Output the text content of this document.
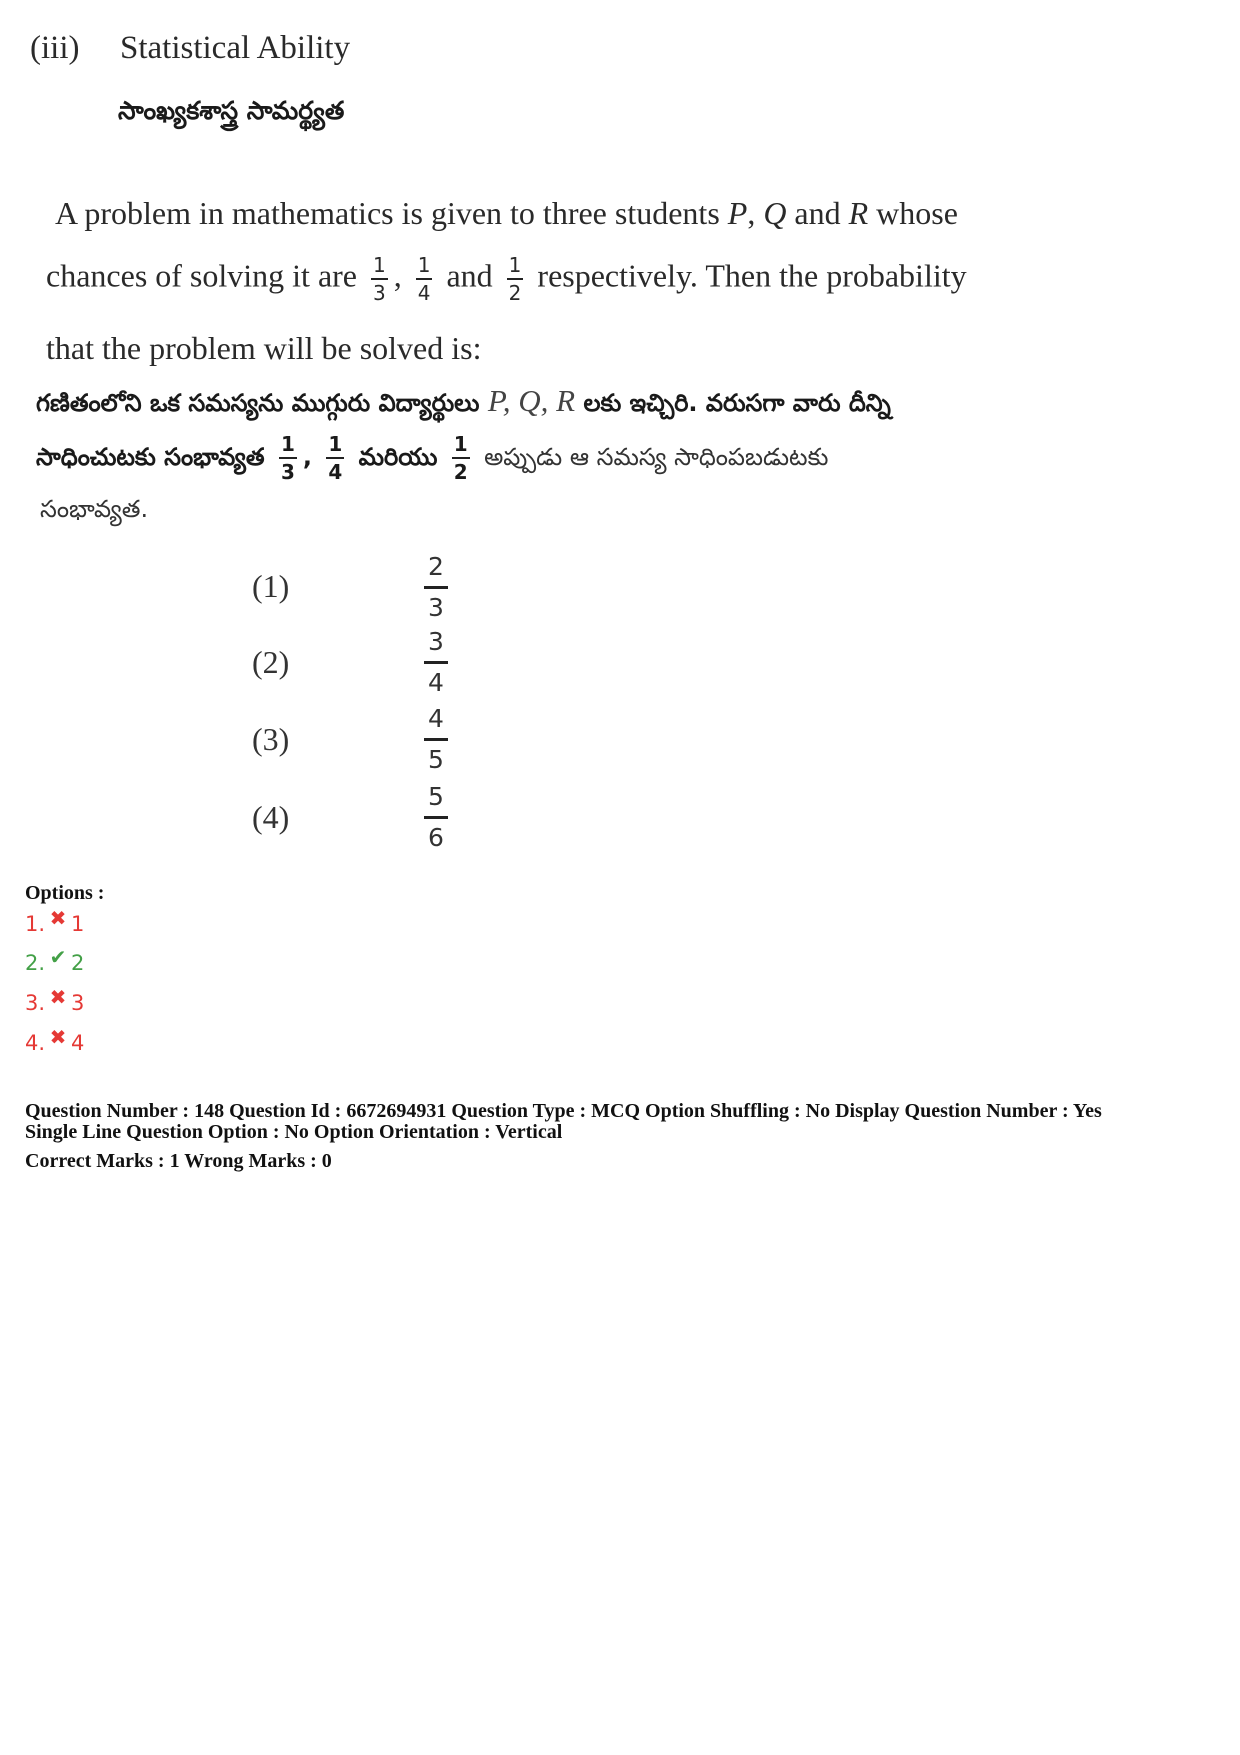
(iii) Statistical Ability
సాంఖ్యకశాస్త్ర సామర్థ్యత
A problem in mathematics is given to three students P, Q and R whose
chances of solving it are $\frac{1}{3}$ , $\frac{1}{4}$ and $\frac{1}{2}$ respectively. Then the probability
that the problem will be solved is:
గణితంలోని ఒక సమస్యను ముగ్గురు విద్యార్థులు P, Q, R లకు ఇచ్చిరి. వరుసగా వారు దీన్ని
సాధించుటకు సంభావ్యత $\frac{1}{3}$ , $\frac{1}{4}$ మరియు $\frac{1}{2}$ అప్పుడు ఆ సమస్య సాధింపబడుటకు
సంభావ్యత.
(1)	$\frac{2}{3}$
(2)	$\frac{3}{4}$
(3)	$\frac{4}{5}$
(4)	$\frac{5}{6}$
Options :
1. ✖ 1
2. ✔ 2
3. ✖ 3
4. ✖ 4
Question Number : 148 Question Id : 6672694931 Question Type : MCQ Option Shuffling : No Display Question Number : Yes
Single Line Question Option : No Option Orientation : Vertical
Correct Marks : 1 Wrong Marks : 0
